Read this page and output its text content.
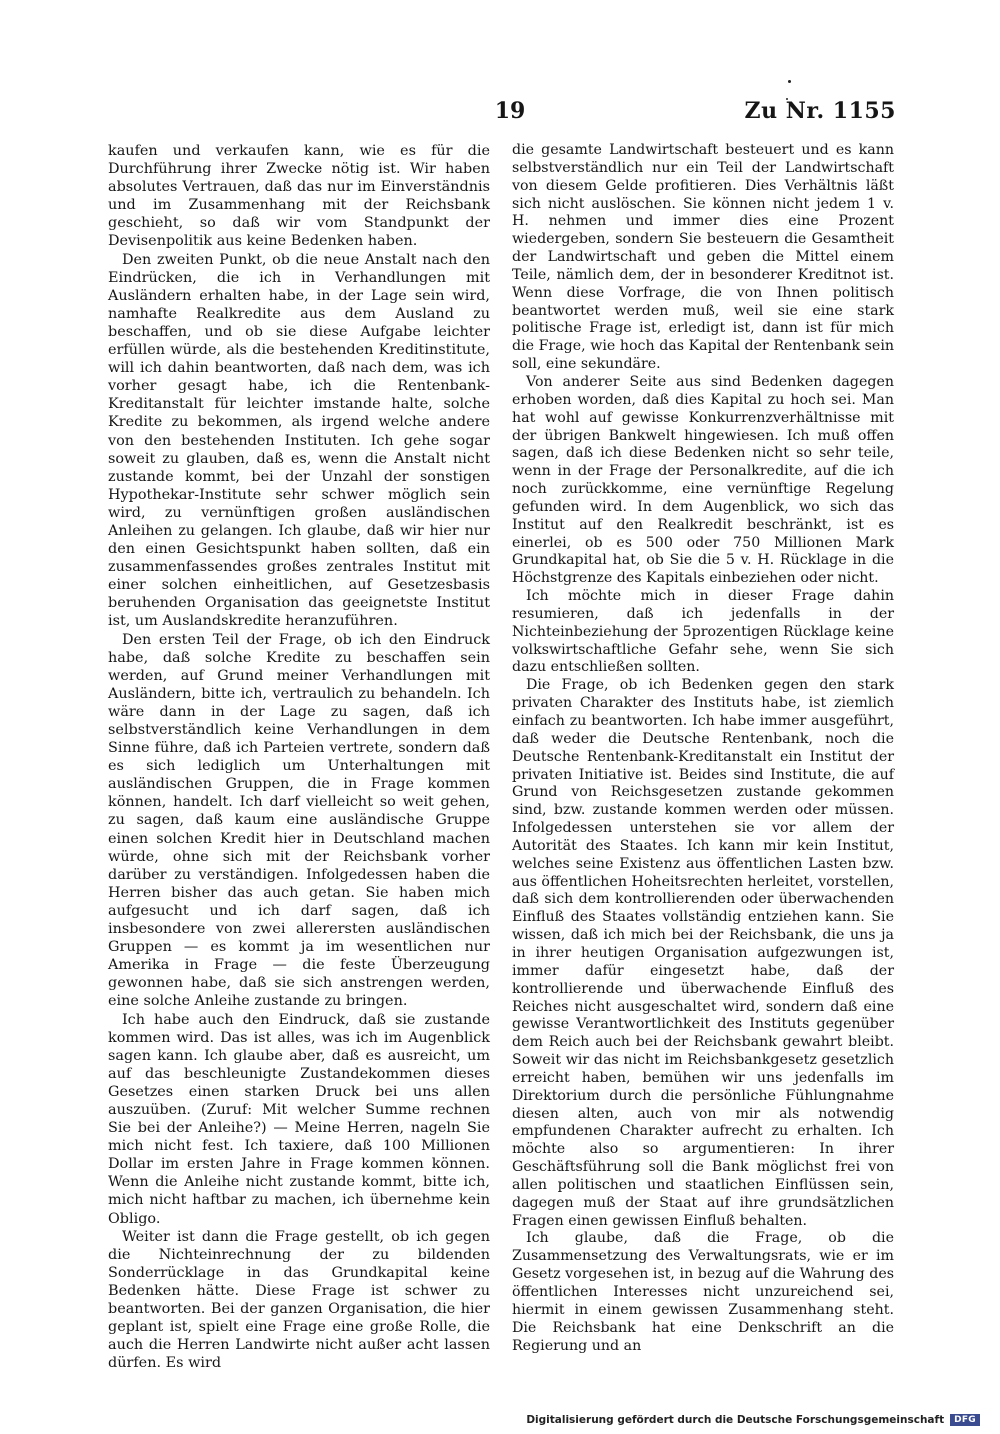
19	Zu Nr. 1155

kaufen und verkaufen kann, wie es für die Durchführung ihrer Zwecke nötig ist. Wir haben absolutes Vertrauen, daß das nur im Einverständnis und im Zusammenhang mit der Reichsbank geschieht, so daß wir vom Standpunkt der Devisenpolitik aus keine Bedenken haben.

Den zweiten Punkt, ob die neue Anstalt nach den Eindrücken, die ich in Verhandlungen mit Ausländern erhalten habe, in der Lage sein wird, namhafte Realkredite aus dem Ausland zu beschaffen, und ob sie diese Aufgabe leichter erfüllen würde, als die bestehenden Kreditinstitute, will ich dahin beantworten, daß nach dem, was ich vorher gesagt habe, ich die Rentenbank-Kreditanstalt für leichter imstande halte, solche Kredite zu bekommen, als irgend welche andere von den bestehenden Instituten. Ich gehe sogar soweit zu glauben, daß es, wenn die Anstalt nicht zustande kommt, bei der Unzahl der sonstigen Hypothekar-Institute sehr schwer möglich sein wird, zu vernünftigen großen ausländischen Anleihen zu gelangen. Ich glaube, daß wir hier nur den einen Gesichtspunkt haben sollten, daß ein zusammenfassendes großes zentrales Institut mit einer solchen einheitlichen, auf Gesetzesbasis beruhenden Organisation das geeignetste Institut ist, um Auslandskredite heranzuführen.

Den ersten Teil der Frage, ob ich den Eindruck habe, daß solche Kredite zu beschaffen sein werden, auf Grund meiner Verhandlungen mit Ausländern, bitte ich, vertraulich zu behandeln. Ich wäre dann in der Lage zu sagen, daß ich selbstverständlich keine Verhandlungen in dem Sinne führe, daß ich Parteien vertrete, sondern daß es sich lediglich um Unterhaltungen mit ausländischen Gruppen, die in Frage kommen können, handelt. Ich darf vielleicht so weit gehen, zu sagen, daß kaum eine ausländische Gruppe einen solchen Kredit hier in Deutschland machen würde, ohne sich mit der Reichsbank vorher darüber zu verständigen. Infolgedessen haben die Herren bisher das auch getan. Sie haben mich aufgesucht und ich darf sagen, daß ich insbesondere von zwei allerersten ausländischen Gruppen — es kommt ja im wesentlichen nur Amerika in Frage — die feste Überzeugung gewonnen habe, daß sie sich anstrengen werden, eine solche Anleihe zustande zu bringen.

Ich habe auch den Eindruck, daß sie zustande kommen wird. Das ist alles, was ich im Augenblick sagen kann. Ich glaube aber, daß es ausreicht, um auf das beschleunigte Zustandekommen dieses Gesetzes einen starken Druck bei uns allen auszuüben. (Zuruf: Mit welcher Summe rechnen Sie bei der Anleihe?) — Meine Herren, nageln Sie mich nicht fest. Ich taxiere, daß 100 Millionen Dollar im ersten Jahre in Frage kommen können. Wenn die Anleihe nicht zustande kommt, bitte ich, mich nicht haftbar zu machen, ich übernehme kein Obligo.

Weiter ist dann die Frage gestellt, ob ich gegen die Nichteinrechnung der zu bildenden Sonderrücklage in das Grundkapital keine Bedenken hätte. Diese Frage ist schwer zu beantworten. Bei der ganzen Organisation, die hier geplant ist, spielt eine Frage eine große Rolle, die auch die Herren Landwirte nicht außer acht lassen dürfen. Es wird

die gesamte Landwirtschaft besteuert und es kann selbstverständlich nur ein Teil der Landwirtschaft von diesem Gelde profitieren. Dies Verhältnis läßt sich nicht auslöschen. Sie können nicht jedem 1 v. H. nehmen und immer dies eine Prozent wiedergeben, sondern Sie besteuern die Gesamtheit der Landwirtschaft und geben die Mittel einem Teile, nämlich dem, der in besonderer Kreditnot ist. Wenn diese Vorfrage, die von Ihnen politisch beantwortet werden muß, weil sie eine stark politische Frage ist, erledigt ist, dann ist für mich die Frage, wie hoch das Kapital der Rentenbank sein soll, eine sekundäre.

Von anderer Seite aus sind Bedenken dagegen erhoben worden, daß dies Kapital zu hoch sei. Man hat wohl auf gewisse Konkurrenzverhältnisse mit der übrigen Bankwelt hingewiesen. Ich muß offen sagen, daß ich diese Bedenken nicht so sehr teile, wenn in der Frage der Personalkredite, auf die ich noch zurückkomme, eine vernünftige Regelung gefunden wird. In dem Augenblick, wo sich das Institut auf den Realkredit beschränkt, ist es einerlei, ob es 500 oder 750 Millionen Mark Grundkapital hat, ob Sie die 5 v. H. Rücklage in die Höchstgrenze des Kapitals einbeziehen oder nicht.

Ich möchte mich in dieser Frage dahin resumieren, daß ich jedenfalls in der Nichteinbeziehung der 5prozentigen Rücklage keine volkswirtschaftliche Gefahr sehe, wenn Sie sich dazu entschließen sollten.

Die Frage, ob ich Bedenken gegen den stark privaten Charakter des Instituts habe, ist ziemlich einfach zu beantworten. Ich habe immer ausgeführt, daß weder die Deutsche Rentenbank, noch die Deutsche Rentenbank-Kreditanstalt ein Institut der privaten Initiative ist. Beides sind Institute, die auf Grund von Reichsgesetzen zustande gekommen sind, bzw. zustande kommen werden oder müssen. Infolgedessen unterstehen sie vor allem der Autorität des Staates. Ich kann mir kein Institut, welches seine Existenz aus öffentlichen Lasten bzw. aus öffentlichen Hoheitsrechten herleitet, vorstellen, daß sich dem kontrollierenden oder überwachenden Einfluß des Staates vollständig entziehen kann. Sie wissen, daß ich mich bei der Reichsbank, die uns ja in ihrer heutigen Organisation aufgezwungen ist, immer dafür eingesetzt habe, daß der kontrollierende und überwachende Einfluß des Reiches nicht ausgeschaltet wird, sondern daß eine gewisse Verantwortlichkeit des Instituts gegenüber dem Reich auch bei der Reichsbank gewahrt bleibt. Soweit wir das nicht im Reichsbankgesetz gesetzlich erreicht haben, bemühen wir uns jedenfalls im Direktorium durch die persönliche Fühlungnahme diesen alten, auch von mir als notwendig empfundenen Charakter aufrecht zu erhalten. Ich möchte also so argumentieren: In ihrer Geschäftsführung soll die Bank möglichst frei von allen politischen und staatlichen Einflüssen sein, dagegen muß der Staat auf ihre grundsätzlichen Fragen einen gewissen Einfluß behalten.

Ich glaube, daß die Frage, ob die Zusammensetzung des Verwaltungsrats, wie er im Gesetz vorgesehen ist, in bezug auf die Wahrung des öffentlichen Interesses nicht unzureichend sei, hiermit in einem gewissen Zusammenhang steht. Die Reichsbank hat eine Denkschrift an die Regierung und an

Digitalisierung gefördert durch die Deutsche Forschungsgemeinschaft	DFG
